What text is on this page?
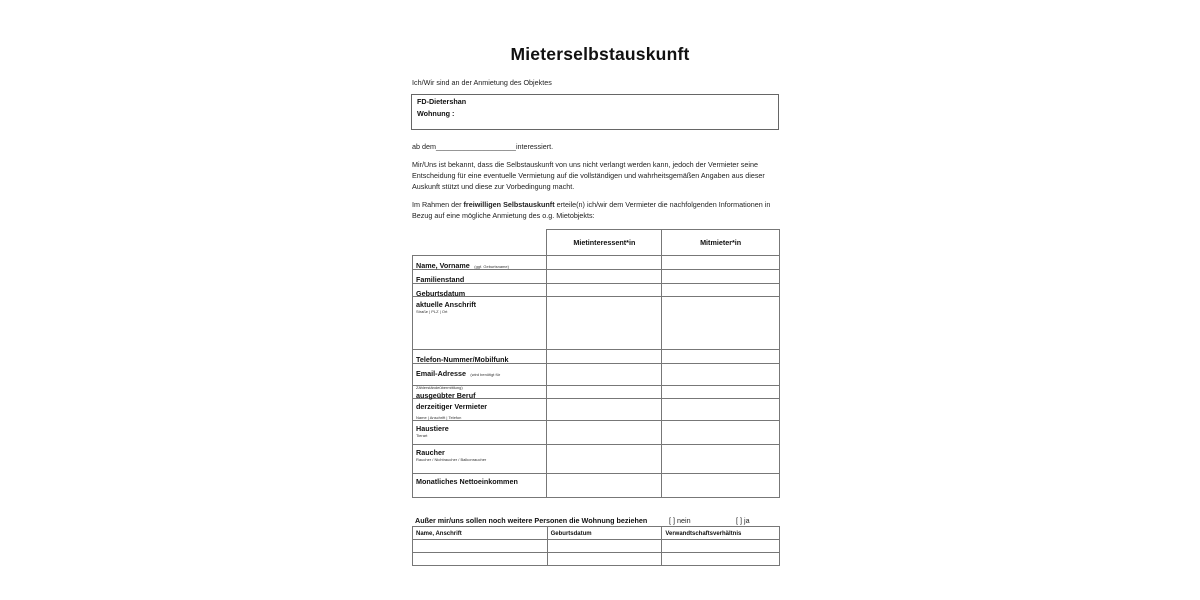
Mieterselbstauskunft
Ich/Wir sind an der Anmietung des Objektes
FD-Dietershan
Wohnung :
ab dem____________________interessiert.
Mir/Uns ist bekannt, dass die Selbstauskunft von uns nicht verlangt werden kann, jedoch der Vermieter seine Entscheidung für eine eventuelle Vermietung auf die vollständigen und wahrheitsgemäßen Angaben aus dieser Auskunft stützt und diese zur Vorbedingung macht.
Im Rahmen der freiwilligen Selbstauskunft erteile(n) ich/wir dem Vermieter die nachfolgenden Informationen in Bezug auf eine mögliche Anmietung des o.g. Mietobjekts:

	Mietinteressent*in	Mitmieter*in

Name, Vorname (ggf. Geburtsname)		

Familienstand		

Geburtsdatum		

aktuelle Anschrift
Straße | PLZ | Ort		

Telefon-Nummer/Mobilfunk		

Email-Adresse (wird benötigt für Zählerständeübermittlung)		

ausgeübter Beruf		

derzeitiger Vermieter
Name | Anschrift | Telefon		

Haustiere
Tierart		

Raucher
Raucher / Nichtraucher / Balkonraucher		

Monatliches Nettoeinkommen		

Außer mir/uns sollen noch weitere Personen die Wohnung beziehen	[ ] nein	[ ] ja
Name, Anschrift	Geburtsdatum	Verwandtschaftsverhältnis
